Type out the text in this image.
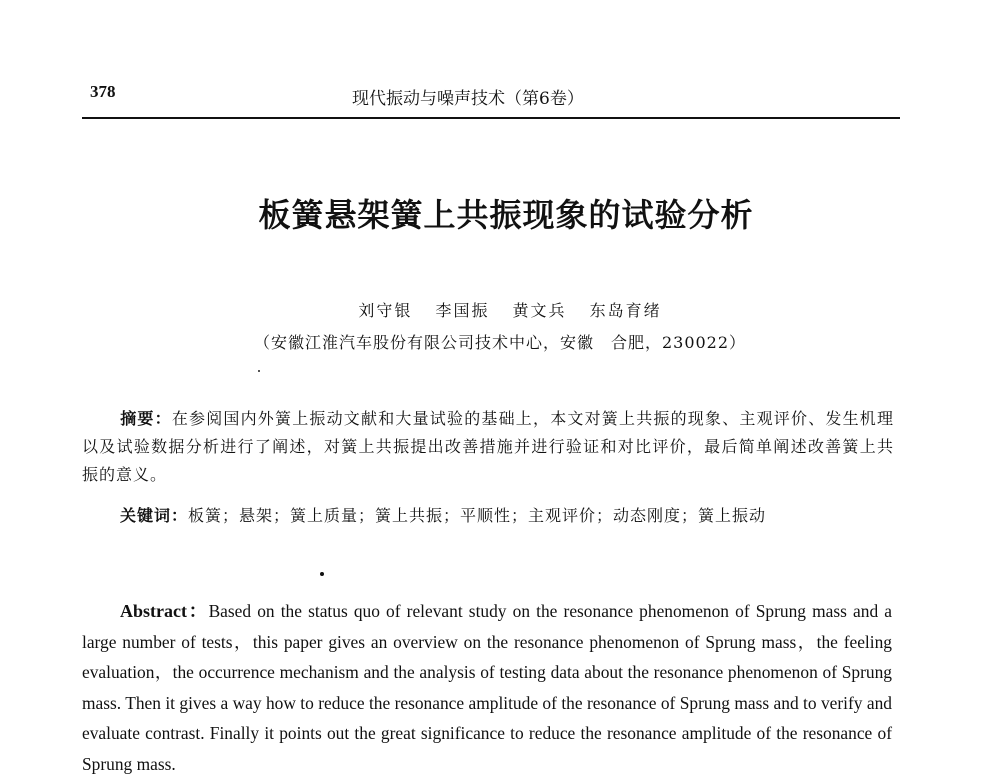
378	现代振动与噪声技术（第6卷）
板簧悬架簧上共振现象的试验分析
刘守银 李国振 黄文兵 东岛育绪
（安徽江淮汽车股份有限公司技术中心，安徽　合肥，230022）
摘要：在参阅国内外簧上振动文献和大量试验的基础上，本文对簧上共振的现象、主观评价、发生机理以及试验数据分析进行了阐述，对簧上共振提出改善措施并进行验证和对比评价，最后简单阐述改善簧上共振的意义。
关键词：板簧；悬架；簧上质量；簧上共振；平顺性；主观评价；动态刚度；簧上振动
Abstract：Based on the status quo of relevant study on the resonance phenomenon of Sprung mass and a large number of tests，this paper gives an overview on the resonance phenomenon of Sprung mass，the feeling evaluation，the occurrence mechanism and the analysis of testing data about the resonance phenomenon of Sprung mass. Then it gives a way how to reduce the resonance amplitude of the resonance of Sprung mass and to verify and evaluate contrast. Finally it points out the great significance to reduce the resonance amplitude of the resonance of Sprung mass.
